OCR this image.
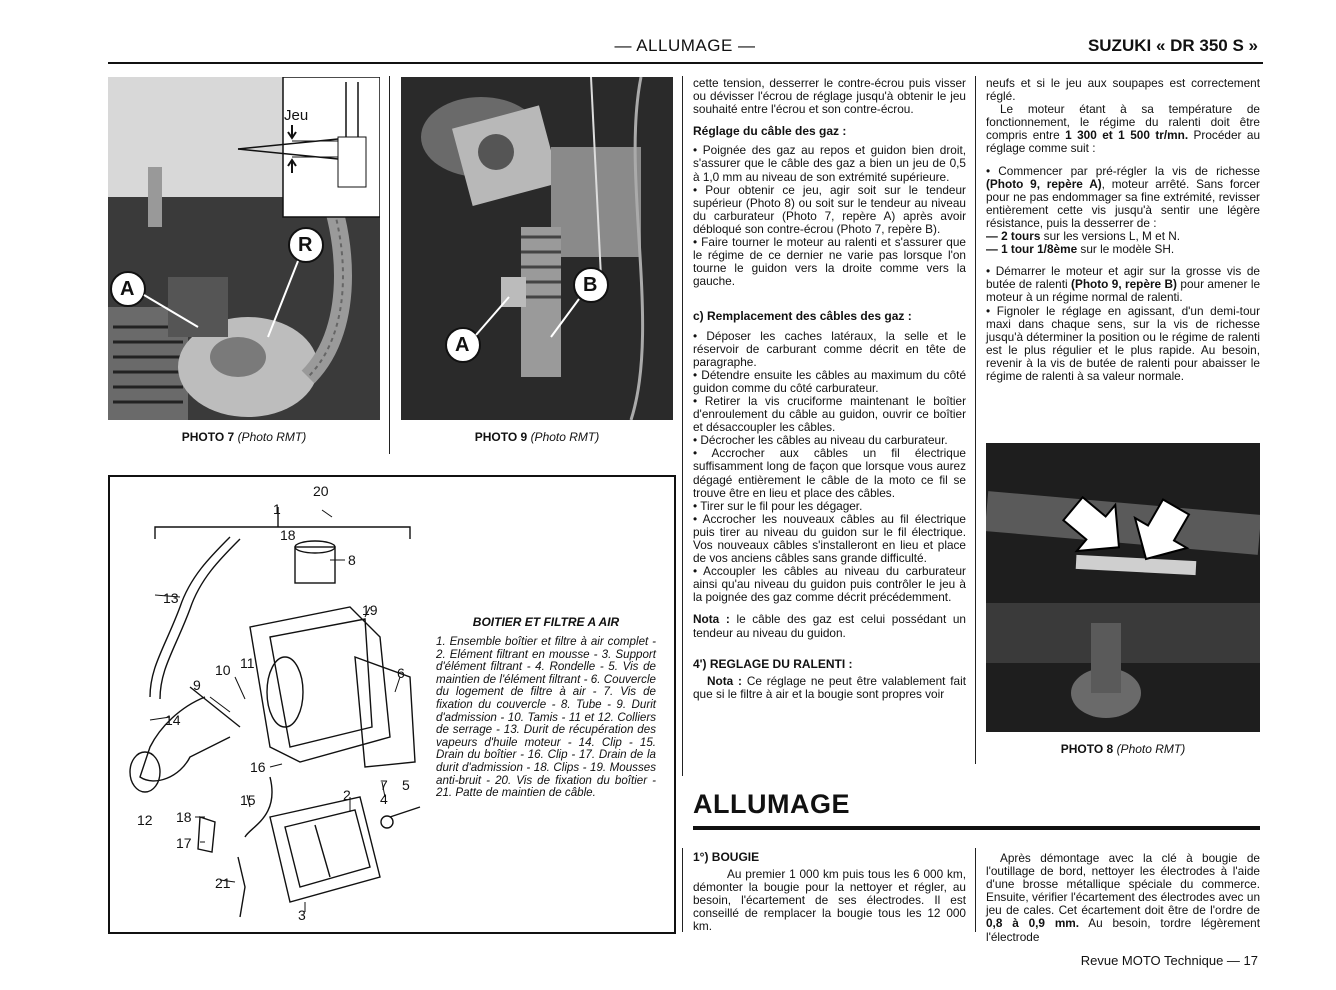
— ALLUMAGE —	SUZUKI « DR 350 S »
Jeu
A
R
PHOTO 7 (Photo RMT)
A
B
PHOTO 9 (Photo RMT)
20
1
18
8
13
19
10 11
9
6
14
16
15	2
7
4
5
18
12
17
21
3
BOITIER ET FILTRE A AIR
1. Ensemble boîtier et filtre à air complet - 2. Elément filtrant en mousse - 3. Support d'élément filtrant - 4. Rondelle - 5. Vis de maintien de l'élément filtrant - 6. Couvercle du logement de filtre à air - 7. Vis de fixation du couvercle - 8. Tube - 9. Durit d'admission - 10. Tamis - 11 et 12. Colliers de serrage - 13. Durit de récupération des vapeurs d'huile moteur - 14. Clip - 15. Drain du boîtier - 16. Clip - 17. Drain de la durit d'admission - 18. Clips - 19. Mousses anti-bruit - 20. Vis de fixation du boîtier - 21. Patte de maintien de câble.

cette tension, desserrer le contre-écrou puis visser ou dévisser l'écrou de réglage jusqu'à obtenir le jeu souhaité entre l'écrou et son contre-écrou.

Réglage du câble des gaz :

• Poignée des gaz au repos et guidon bien droit, s'assurer que le câble des gaz a bien un jeu de 0,5 à 1,0 mm au niveau de son extrémité supérieure.

• Pour obtenir ce jeu, agir soit sur le tendeur supérieur (Photo 8) ou soit sur le tendeur au niveau du carburateur (Photo 7, repère A) après avoir débloqué son contre-écrou (Photo 7, repère B).

• Faire tourner le moteur au ralenti et s'assurer que le régime de ce dernier ne varie pas lorsque l'on tourne le guidon vers la droite comme vers la gauche.

c) Remplacement des câbles des gaz :

• Déposer les caches latéraux, la selle et le réservoir de carburant comme décrit en tête de paragraphe.

• Détendre ensuite les câbles au maximum du côté guidon comme du côté carburateur.

• Retirer la vis cruciforme maintenant le boîtier d'enroulement du câble au guidon, ouvrir ce boîtier et désaccoupler les câbles.

• Décrocher les câbles au niveau du carburateur.

• Accrocher aux câbles un fil électrique suffisamment long de façon que lorsque vous aurez dégagé entièrement le câble de la moto ce fil se trouve être en lieu et place des câbles.

• Tirer sur le fil pour les dégager.

• Accrocher les nouveaux câbles au fil électrique puis tirer au niveau du guidon sur le fil électrique. Vos nouveaux câbles s'installeront en lieu et place de vos anciens câbles sans grande difficulté.

• Accoupler les câbles au niveau du carburateur ainsi qu'au niveau du guidon puis contrôler le jeu à la poignée des gaz comme décrit précédemment.

Nota : le câble des gaz est celui possédant un tendeur au niveau du guidon.

4') REGLAGE DU RALENTI :

Nota : Ce réglage ne peut être valablement fait que si le filtre à air et la bougie sont propres voir

neufs et si le jeu aux soupapes est correctement réglé.

Le moteur étant à sa température de fonctionnement, le régime du ralenti doit être compris entre 1 300 et 1 500 tr/mn. Procéder au réglage comme suit :

• Commencer par pré-régler la vis de richesse (Photo 9, repère A), moteur arrêté. Sans forcer pour ne pas endommager sa fine extrémité, revisser entièrement cette vis jusqu'à sentir une légère résistance, puis la desserrer de :

— 2 tours sur les versions L, M et N.

— 1 tour 1/8ème sur le modèle SH.

• Démarrer le moteur et agir sur la grosse vis de butée de ralenti (Photo 9, repère B) pour amener le moteur à un régime normal de ralenti.

• Fignoler le réglage en agissant, d'un demi-tour maxi dans chaque sens, sur la vis de richesse jusqu'à déterminer la position ou le régime de ralenti est le plus régulier et le plus rapide. Au besoin, revenir à la vis de butée de ralenti pour abaisser le régime de ralenti à sa valeur normale.

PHOTO 8 (Photo RMT)
ALLUMAGE
1°) BOUGIE

Au premier 1 000 km puis tous les 6 000 km, démonter la bougie pour la nettoyer et régler, au besoin, l'écartement de ses électrodes. Il est conseillé de remplacer la bougie tous les 12 000 km.

Après démontage avec la clé à bougie de l'outillage de bord, nettoyer les électrodes à l'aide d'une brosse métallique spéciale du commerce. Ensuite, vérifier l'écartement des électrodes avec un jeu de cales. Cet écartement doit être de l'ordre de 0,8 à 0,9 mm. Au besoin, tordre légèrement l'électrode

Revue MOTO Technique — 17
